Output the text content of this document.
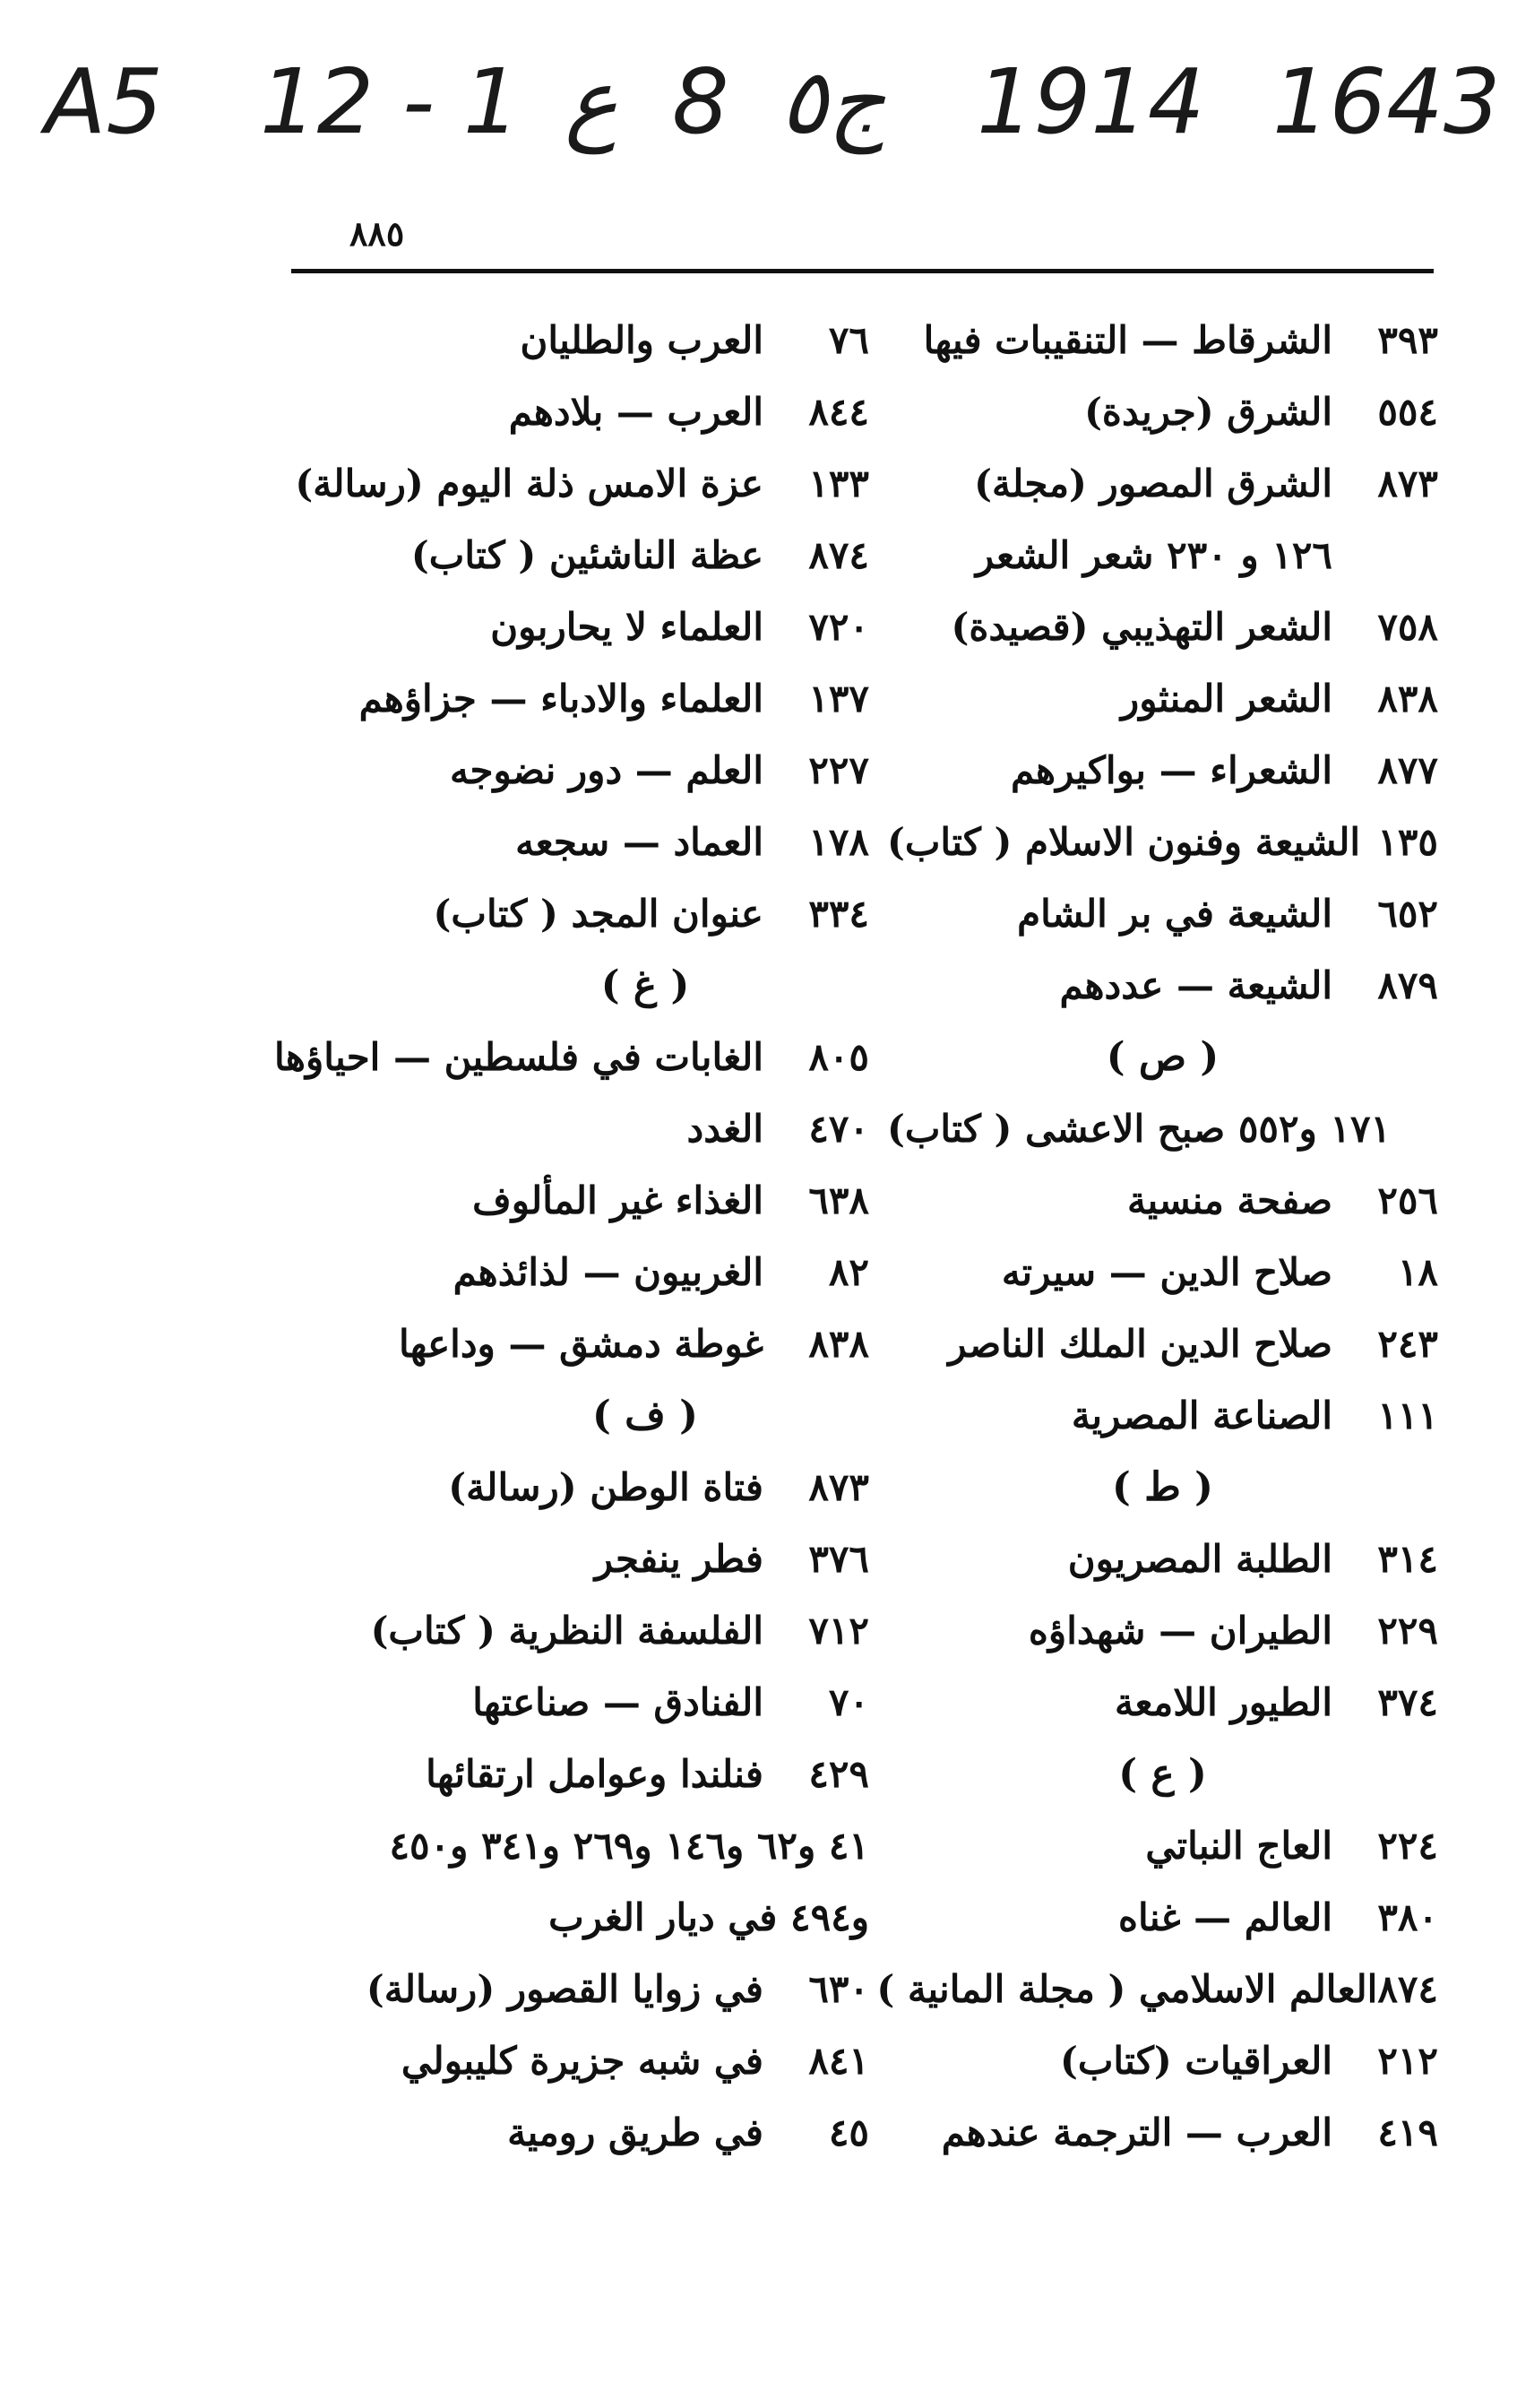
A5 12 - 1 ع 8 ج٥ 1914 1643
٨٨٥
٣٩٣
الشرقاط — التنقيبات فيها
٥٥٤
الشرق (جريدة)
٨٧٣
الشرق المصور (مجلة)
١٢٦ و ٢٣٠ شعر الشعر
٧٥٨
الشعر التهذيبي (قصيدة)
٨٣٨
الشعر المنثور
٨٧٧
الشعراء — بواكيرهم
١٣٥
الشيعة وفنون الاسلام ( كتاب)
٦٥٢
الشيعة في بر الشام
٨٧٩
الشيعة — عددهم
( ص )
١٧١ و٥٥٢ صبح الاعشى ( كتاب)
٢٥٦
صفحة منسية
١٨
صلاح الدين — سيرته
٢٤٣
صلاح الدين الملك الناصر
١١١
الصناعة المصرية
( ط )
٣١٤
الطلبة المصريون
٢٢٩
الطيران — شهداؤه
٣٧٤
الطيور اللامعة
( ع )
٢٢٤
العاج النباتي
٣٨٠
العالم — غناه
٨٧٤
العالم الاسلامي ( مجلة المانية )
٢١٢
العراقيات (كتاب)
٤١٩
العرب — الترجمة عندهم
٧٦
العرب والطليان
٨٤٤
العرب — بلادهم
١٣٣
عزة الامس ذلة اليوم (رسالة)
٨٧٤
عظة الناشئين ( كتاب)
٧٢٠
العلماء لا يحاربون
١٣٧
العلماء والادباء — جزاؤهم
٢٢٧
العلم — دور نضوجه
١٧٨
العماد — سجعه
٣٣٤
عنوان المجد ( كتاب)
( غ )
٨٠٥
الغابات في فلسطين — احياؤها
٤٧٠
الغدد
٦٣٨
الغذاء غير المألوف
٨٢
الغربيون — لذائذهم
٨٣٨
غوطة دمشق — وداعها
( ف )
٨٧٣
فتاة الوطن (رسالة)
٣٧٦
فطر ينفجر
٧١٢
الفلسفة النظرية ( كتاب)
٧٠
الفنادق — صناعتها
٤٢٩
فنلندا وعوامل ارتقائها
٤١ و٦٢ و١٤٦ و٢٦٩ و٣٤١ و٤٥٠
و٤٩٤ في ديار الغرب
٦٣٠
في زوايا القصور (رسالة)
٨٤١
في شبه جزيرة كليبولي
٤٥
في طريق رومية
